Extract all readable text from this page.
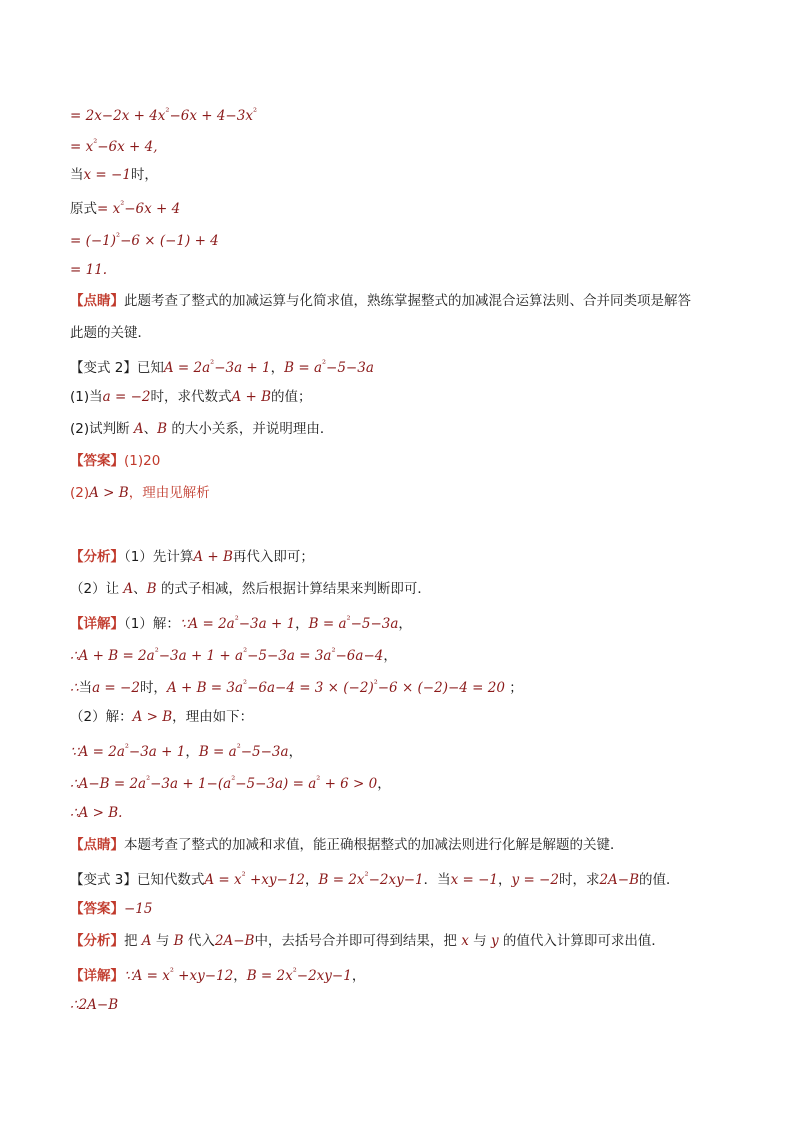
= $2x-2x + 4x^{^2}-6x + 4-3x^{^2}$
= $x^{^2}-6x + 4$,
当x = −1时，
原式= $x^{^2}-6x + 4$
= $(-1)^{^2}-6 \times (-1) + 4$
= 11.
【点睛】此题考查了整式的加减运算与化简求值，熟练掌握整式的加减混合运算法则、合并同类项是解答
此题的关键．
【变式 2】已知$A = 2a^{^2}-3a + 1$，$B = a^{^2}-5-3a$
(1)当a = −2时，求代数式A + B的值；
(2)试判断 A、B 的大小关系，并说明理由．
【答案】(1)20
(2)A > B，理由见解析
【分析】（1）先计算A + B再代入即可；
（2）让 A、B 的式子相减，然后根据计算结果来判断即可．
【详解】（1）解：∵A = $2a^{^2}-3a + 1$，$B = a^{^2}-5-3a$，
∴A + $B = 2a^{^2}-3a + 1 + a^{^2}-5-3a = 3a^{^2}-6a-4$，
∴当a = −2时，$A + B = 3a^{^2}-6a-4 = 3 \times (-2)^{^2}-6 \times (-2)-4 = 20$ ；
（2）解：A > B，理由如下：
∵A = $2a^{^2}-3a + 1$，$B = a^{^2}-5-3a$，
∴A−B = $2a^{^2}-3a + 1-(a^{^2}-5-3a) = a^{^2} + 6 > 0$，
∴A > B.
【点睛】本题考查了整式的加减和求值，能正确根据整式的加减法则进行化解是解题的关键．
【变式 3】已知代数式$A = x^{^2} +xy-12$，$B = 2x^{^2}-2xy-1$．当x = −1，y = −2时，求2A−B的值．
【答案】−15
【分析】把 A 与 B 代入2A−B中，去括号合并即可得到结果，把 x 与 y 的值代入计算即可求出值．
【详解】∵A = $x^{^2} +xy-12$，$B = 2x^{^2}-2xy-1$，
∴2A−B
